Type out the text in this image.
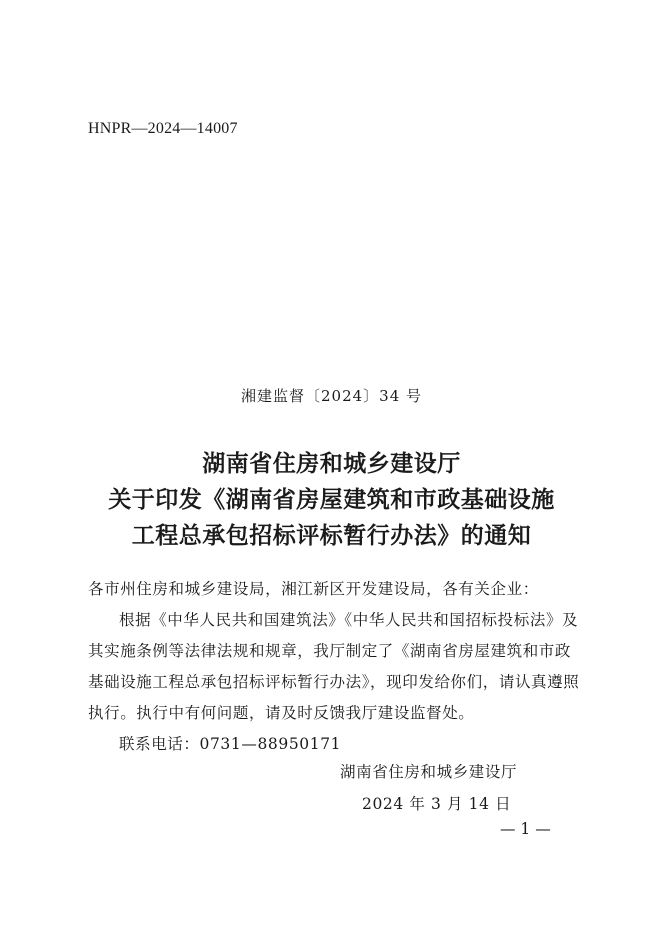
HNPR—2024—14007
湘建监督〔2024〕34 号
湖南省住房和城乡建设厅
关于印发《湖南省房屋建筑和市政基础设施
工程总承包招标评标暂行办法》的通知

各市州住房和城乡建设局，湘江新区开发建设局，各有关企业：

根据《中华人民共和国建筑法》《中华人民共和国招标投标法》及其实施条例等法律法规和规章，我厅制定了《湖南省房屋建筑和市政基础设施工程总承包招标评标暂行办法》，现印发给你们，请认真遵照执行。执行中有何问题，请及时反馈我厅建设监督处。

联系电话：0731—88950171

湖南省住房和城乡建设厅
2024 年 3 月 14 日
— 1 —
